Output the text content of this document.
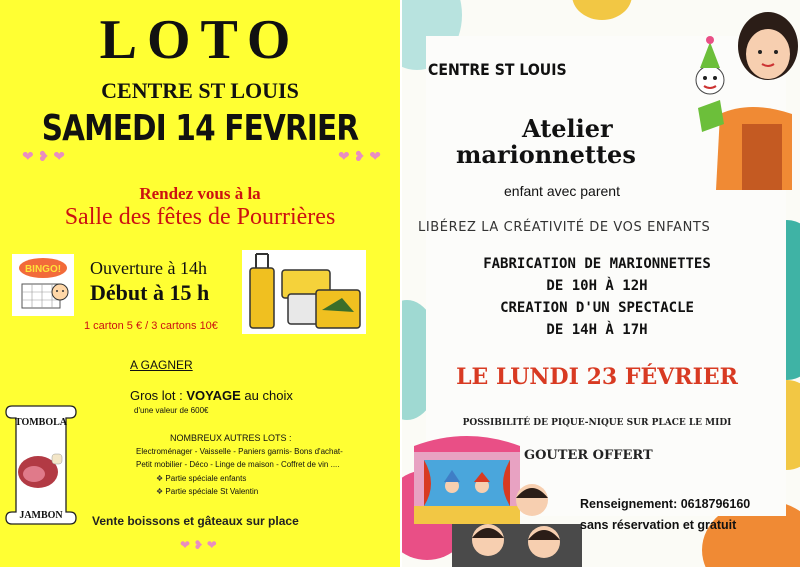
LOTO
CENTRE ST LOUIS
SAMEDI 14 FEVRIER
❤ ❥ ❤	❤ ❥ ❤
Rendez vous à la
Salle des fêtes de Pourrières
BINGO! Ouverture à 14h
Début à 15 h
1 carton 5 € / 3 cartons 10€
A GAGNER
Gros lot : VOYAGE au choix
d'une valeur de 600€
TOMBOLA
JAMBON
NOMBREUX AUTRES LOTS :
Electroménager - Vaisselle - Paniers garnis- Bons d'achat-
Petit mobilier - Déco - Linge de maison - Coffret de vin ....
❖ Partie spéciale enfants
❖ Partie spéciale St Valentin
Vente boissons et gâteaux sur place
❤ ❥ ❤
CENTRE ST LOUIS
Atelier
marionnettes
enfant avec parent
LIBÉREZ LA CRÉATIVITÉ DE VOS ENFANTS
FABRICATION DE MARIONNETTES
DE 10H À 12H
CREATION D'UN SPECTACLE
DE 14H À 17H
LE LUNDI 23 FÉVRIER
POSSIBILITÉ DE PIQUE-NIQUE SUR PLACE LE MIDI
GOUTER OFFERT
Renseignement: 0618796160
sans réservation et gratuit
